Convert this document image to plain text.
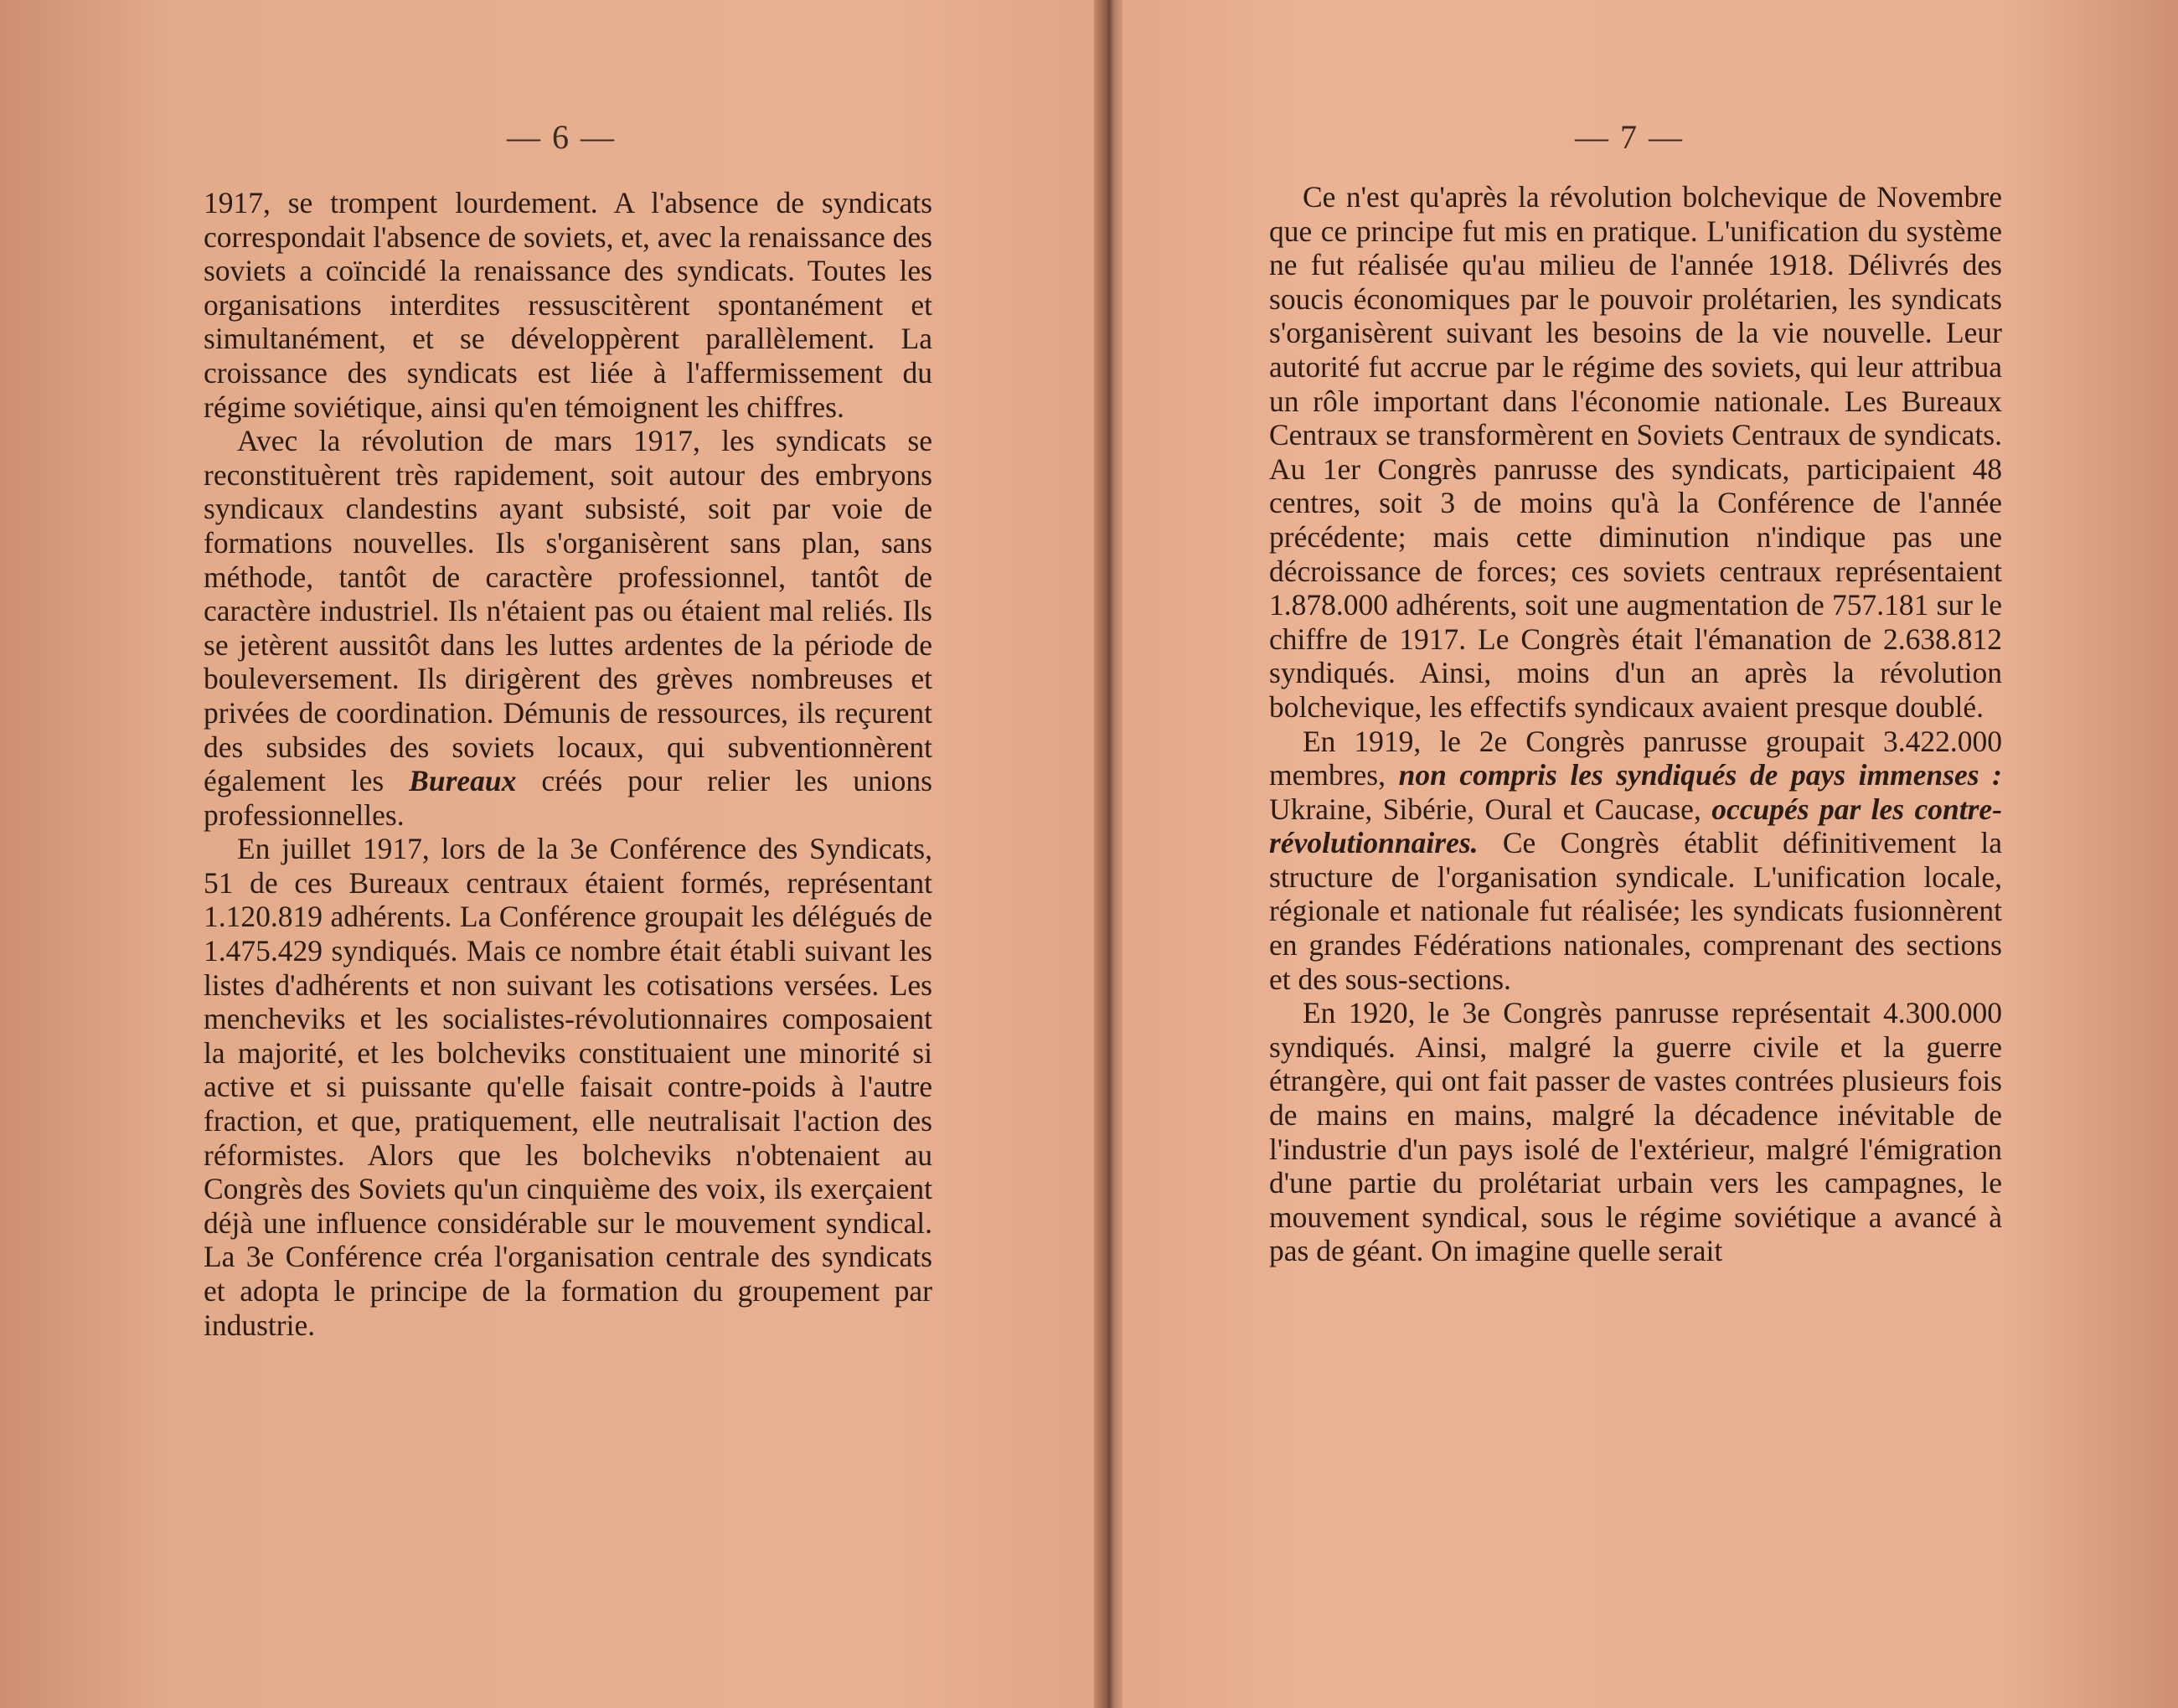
— 6 —

1917, se trompent lourdement. A l'absence de syndicats correspondait l'absence de soviets, et, avec la renaissance des soviets a coïncidé la renaissance des syndicats. Toutes les organisations interdites ressuscitèrent spontanément et simultanément, et se développèrent parallèlement. La croissance des syndicats est liée à l'affermissement du régime soviétique, ainsi qu'en témoignent les chiffres.

Avec la révolution de mars 1917, les syndicats se reconstituèrent très rapidement, soit autour des embryons syndicaux clandestins ayant subsisté, soit par voie de formations nouvelles. Ils s'organisèrent sans plan, sans méthode, tantôt de caractère professionnel, tantôt de caractère industriel. Ils n'étaient pas ou étaient mal reliés. Ils se jetèrent aussitôt dans les luttes ardentes de la période de bouleversement. Ils dirigèrent des grèves nombreuses et privées de coordination. Démunis de ressources, ils reçurent des subsides des soviets locaux, qui subventionnèrent également les Bureaux créés pour relier les unions professionnelles.

En juillet 1917, lors de la 3e Conférence des Syndicats, 51 de ces Bureaux centraux étaient formés, représentant 1.120.819 adhérents. La Conférence groupait les délégués de 1.475.429 syndiqués. Mais ce nombre était établi suivant les listes d'adhérents et non suivant les cotisations versées. Les mencheviks et les socialistes-révolutionnaires composaient la majorité, et les bolcheviks constituaient une minorité si active et si puissante qu'elle faisait contre-poids à l'autre fraction, et que, pratiquement, elle neutralisait l'action des réformistes. Alors que les bolcheviks n'obtenaient au Congrès des Soviets qu'un cinquième des voix, ils exerçaient déjà une influence considérable sur le mouvement syndical. La 3e Conférence créa l'organisation centrale des syndicats et adopta le principe de la formation du groupement par industrie.

— 7 —

Ce n'est qu'après la révolution bolchevique de Novembre que ce principe fut mis en pratique. L'unification du système ne fut réalisée qu'au milieu de l'année 1918. Délivrés des soucis économiques par le pouvoir prolétarien, les syndicats s'organisèrent suivant les besoins de la vie nouvelle. Leur autorité fut accrue par le régime des soviets, qui leur attribua un rôle important dans l'économie nationale. Les Bureaux Centraux se transformèrent en Soviets Centraux de syndicats. Au 1er Congrès panrusse des syndicats, participaient 48 centres, soit 3 de moins qu'à la Conférence de l'année précédente; mais cette diminution n'indique pas une décroissance de forces; ces soviets centraux représentaient 1.878.000 adhérents, soit une augmentation de 757.181 sur le chiffre de 1917. Le Congrès était l'émanation de 2.638.812 syndiqués. Ainsi, moins d'un an après la révolution bolchevique, les effectifs syndicaux avaient presque doublé.

En 1919, le 2e Congrès panrusse groupait 3.422.000 membres, non compris les syndiqués de pays immenses : Ukraine, Sibérie, Oural et Caucase, occupés par les contre-révolutionnaires. Ce Congrès établit définitivement la structure de l'organisation syndicale. L'unification locale, régionale et nationale fut réalisée; les syndicats fusionnèrent en grandes Fédérations nationales, comprenant des sections et des sous-sections.

En 1920, le 3e Congrès panrusse représentait 4.300.000 syndiqués. Ainsi, malgré la guerre civile et la guerre étrangère, qui ont fait passer de vastes contrées plusieurs fois de mains en mains, malgré la décadence inévitable de l'industrie d'un pays isolé de l'extérieur, malgré l'émigration d'une partie du prolétariat urbain vers les campagnes, le mouvement syndical, sous le régime soviétique a avancé à pas de géant. On imagine quelle serait
